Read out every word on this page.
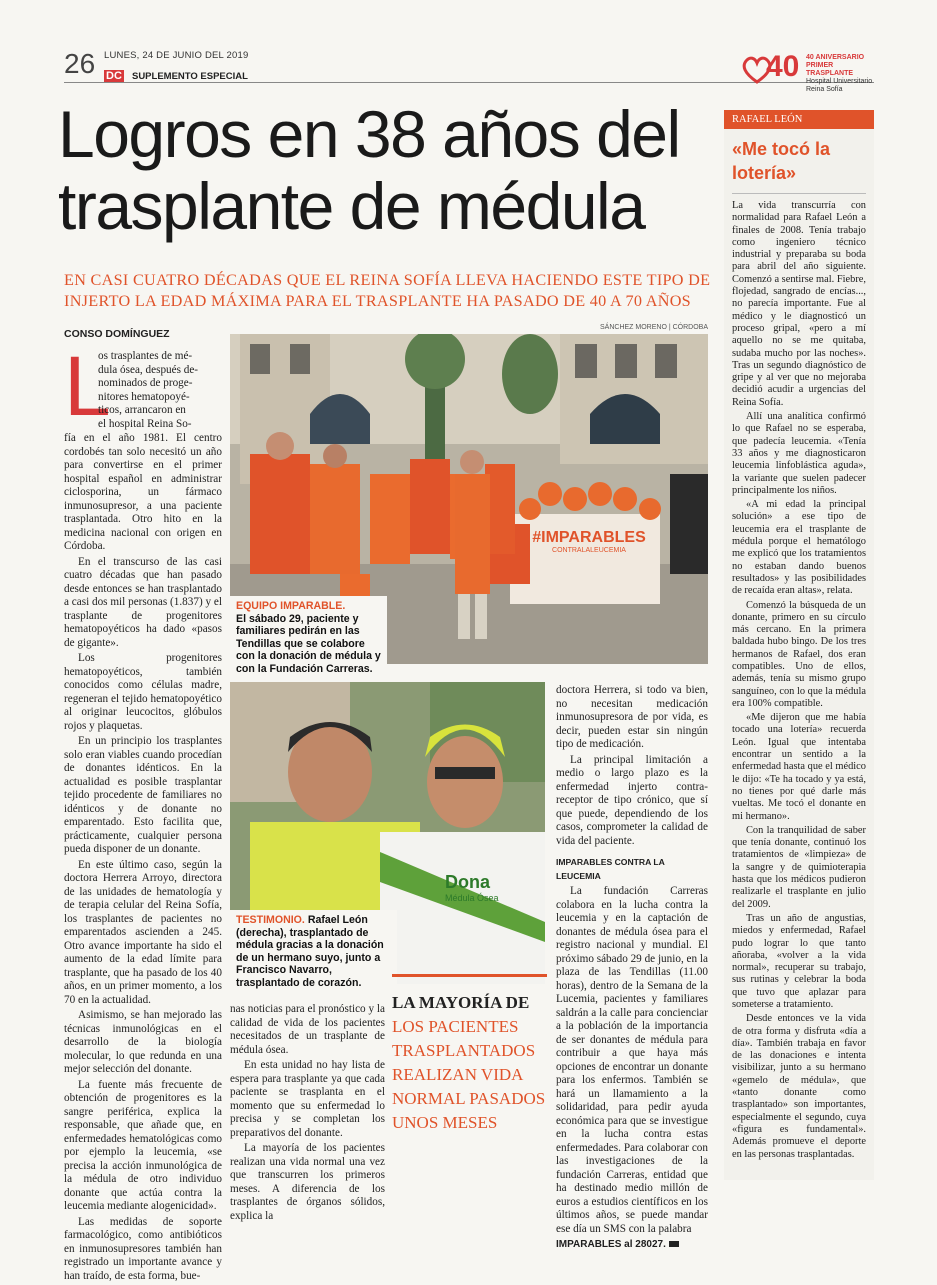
26 LUNES, 24 DE JUNIO DEL 2019
DC SUPLEMENTO ESPECIAL	40 40 ANIVERSARIO
PRIMER TRASPLANTE
Hospital Universitario
Reina Sofía
Logros en 38 años del
trasplante de médula
EN CASI CUATRO DÉCADAS QUE EL REINA SOFÍA LLEVA HACIENDO ESTE TIPO DE
INJERTO LA EDAD MÁXIMA PARA EL TRASPLANTE HA PASADO DE 40 A 70 AÑOS
CONSO DOMÍNGUEZ
SÁNCHEZ MORENO | CÓRDOBA
#IMPARABLES
CONTRALALEUCEMIA
EQUIPO IMPARABLE.
El sábado 29, paciente y familiares pedirán en las Tendillas que se colabore con la donación de médula y con la Fundación Carreras.
Dona
Médula Ósea
TESTIMONIO. Rafael León (derecha), trasplantado de médula gracias a la donación de un hermano suyo, junto a Francisco Navarro, trasplantado de corazón.
L
os trasplantes de mé-
dula ósea, después de-
nominados de proge-
nitores hematopoyé-
ticos, arrancaron en
el hospital Reina So-

fía en el año 1981. El centro cordobés tan solo necesitó un año para convertirse en el primer hospital español en administrar ciclosporina, un fármaco inmunosupresor, a una paciente trasplantada. Otro hito en la medicina nacional con origen en Córdoba.

En el transcurso de las casi cuatro décadas que han pasado desde entonces se han trasplantado a casi dos mil personas (1.837) y el trasplante de progenitores hematopoyéticos ha dado «pasos de gigante».

Los progenitores hematopoyéticos, también conocidos como células madre, regeneran el tejido hematopoyético al originar leucocitos, glóbulos rojos y plaquetas.

En un principio los trasplantes solo eran viables cuando procedían de donantes idénticos. En la actualidad es posible trasplantar tejido procedente de familiares no idénticos y de donante no emparentado. Esto facilita que, prácticamente, cualquier persona pueda disponer de un donante.

En este último caso, según la doctora Herrera Arroyo, directora de las unidades de hematología y de terapia celular del Reina Sofía, los trasplantes de pacientes no emparentados ascienden a 245. Otro avance importante ha sido el aumento de la edad límite para trasplante, que ha pasado de los 40 años, en un primer momento, a los 70 en la actualidad.

Asimismo, se han mejorado las técnicas inmunológicas en el desarrollo de la biología molecular, lo que redunda en una mejor selección del donante.

La fuente más frecuente de obtención de progenitores es la sangre periférica, explica la responsable, que añade que, en enfermedades hematológicas como por ejemplo la leucemia, «se precisa la acción inmunológica de la médula de otro individuo donante que actúa contra la leucemia mediante alogenicidad».

Las medidas de soporte farmacológico, como antibióticos en inmunosupresores también han registrado un importante avance y han traído, de esta forma, bue-

nas noticias para el pronóstico y la calidad de vida de los pacientes necesitados de un trasplante de médula ósea.

En esta unidad no hay lista de espera para trasplante ya que cada paciente se trasplanta en el momento que su enfermedad lo precisa y se completan los preparativos del donante.

La mayoría de los pacientes realizan una vida normal una vez que transcurren los primeros meses. A diferencia de los trasplantes de órganos sólidos, explica la

doctora Herrera, si todo va bien, no necesitan medicación inmunosupresora de por vida, es decir, pueden estar sin ningún tipo de medicación.

La principal limitación a medio o largo plazo es la enfermedad injerto contra-receptor de tipo crónico, que sí que puede, dependiendo de los casos, comprometer la calidad de vida del paciente.

IMPARABLES CONTRA LA LEUCEMIA

La fundación Carreras colabora en la lucha contra la leucemia y en la captación de donantes de médula ósea para el registro nacional y mundial. El próximo sábado 29 de junio, en la plaza de las Tendillas (11.00 horas), dentro de la Semana de la Lucemia, pacientes y familiares saldrán a la calle para concienciar a la población de la importancia de ser donantes de médula para contribuir a que haya más opciones de encontrar un donante para los enfermos. También se hará un llamamiento a la solidaridad, para pedir ayuda económica para que se investigue en la lucha contra estas enfermedades. Para colaborar con las investigaciones de la fundación Carreras, entidad que ha destinado medio millón de euros a estudios científicos en los últimos años, se puede mandar ese día un SMS con la palabra

IMPARABLES al 28027.

LA MAYORÍA DE
LOS PACIENTES TRASPLANTADOS REALIZAN VIDA NORMAL PASADOS UNOS MESES
RAFAEL LEÓN
«Me tocó la
lotería»

La vida transcurría con normalidad para Rafael León a finales de 2008. Tenía trabajo como ingeniero técnico industrial y preparaba su boda para abril del año siguiente. Comenzó a sentirse mal. Fiebre, flojedad, sangrado de encías..., no parecía importante. Fue al médico y le diagnosticó un proceso gripal, «pero a mí aquello no se me quitaba, sudaba mucho por las noches». Tras un segundo diagnóstico de gripe y al ver que no mejoraba decidió acudir a urgencias del Reina Sofía.

Allí una analítica confirmó lo que Rafael no se esperaba, que padecía leucemia. «Tenía 33 años y me diagnosticaron leucemia linfoblástica aguda», la variante que suelen padecer principalmente los niños.

«A mi edad la principal solución» a ese tipo de leucemia era el trasplante de médula porque el hematólogo me explicó que los tratamientos no estaban dando buenos resultados» y las posibilidades de recaída eran altas», relata.

Comenzó la búsqueda de un donante, primero en su círculo más cercano. En la primera baldada hubo bingo. De los tres hermanos de Rafael, dos eran compatibles. Uno de ellos, además, tenía su mismo grupo sanguíneo, con lo que la médula era 100% compatible.

«Me dijeron que me había tocado una lotería» recuerda León. Igual que intentaba encontrar un sentido a la enfermedad hasta que el médico le dijo: «Te ha tocado y ya está, no tienes por qué darle más vueltas. Me tocó el donante en mi hermano».

Con la tranquilidad de saber que tenía donante, continuó los tratamientos de «limpieza» de la sangre y de quimioterapia hasta que los médicos pudieron realizarle el trasplante en julio del 2009.

Tras un año de angustias, miedos y enfermedad, Rafael pudo lograr lo que tanto añoraba, «volver a la vida normal», recuperar su trabajo, sus rutinas y celebrar la boda que tuvo que aplazar para someterse a tratamiento.

Desde entonces ve la vida de otra forma y disfruta «día a día». También trabaja en favor de las donaciones e intenta visibilizar, junto a su hermano «gemelo de médula», que «tanto donante como trasplantado» son importantes, especialmente el segundo, cuya «figura es fundamental». Además promueve el deporte en las personas trasplantadas.
